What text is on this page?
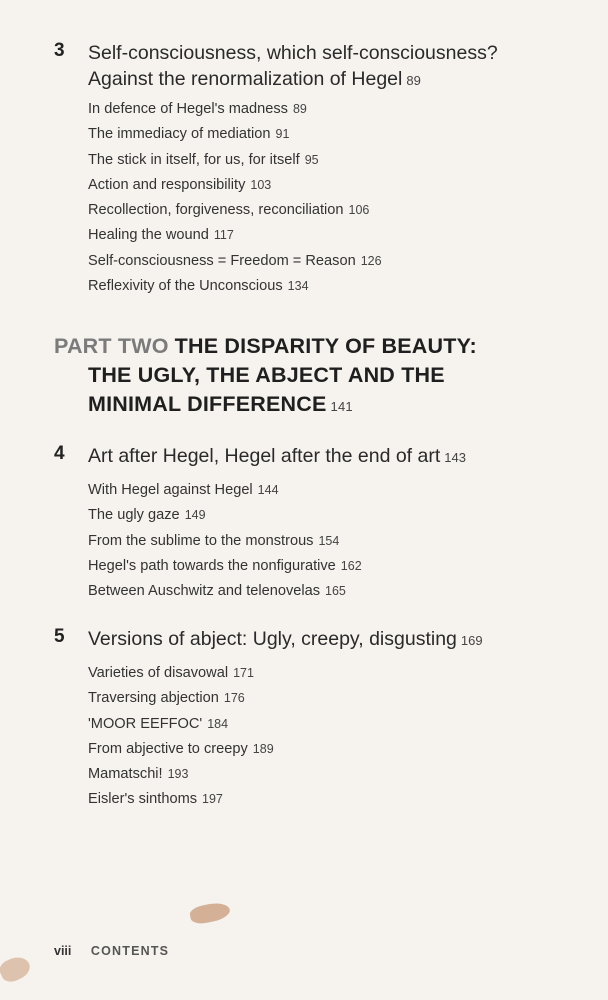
3 Self-consciousness, which self-consciousness?
Against the renormalization of Hegel 89
In defence of Hegel's madness 89
The immediacy of mediation 91
The stick in itself, for us, for itself 95
Action and responsibility 103
Recollection, forgiveness, reconciliation 106
Healing the wound 117
Self-consciousness = Freedom = Reason 126
Reflexivity of the Unconscious 134
PART TWO THE DISPARITY OF BEAUTY:
THE UGLY, THE ABJECT AND THE
MINIMAL DIFFERENCE 141
4 Art after Hegel, Hegel after the end of art 143
With Hegel against Hegel 144
The ugly gaze 149
From the sublime to the monstrous 154
Hegel's path towards the nonfigurative 162
Between Auschwitz and telenovelas 165
5 Versions of abject: Ugly, creepy, disgusting 169
Varieties of disavowal 171
Traversing abjection 176
'MOOR EEFFOC' 184
From abjective to creepy 189
Mamatschi! 193
Eisler's sinthoms 197
viii CONTENTS
